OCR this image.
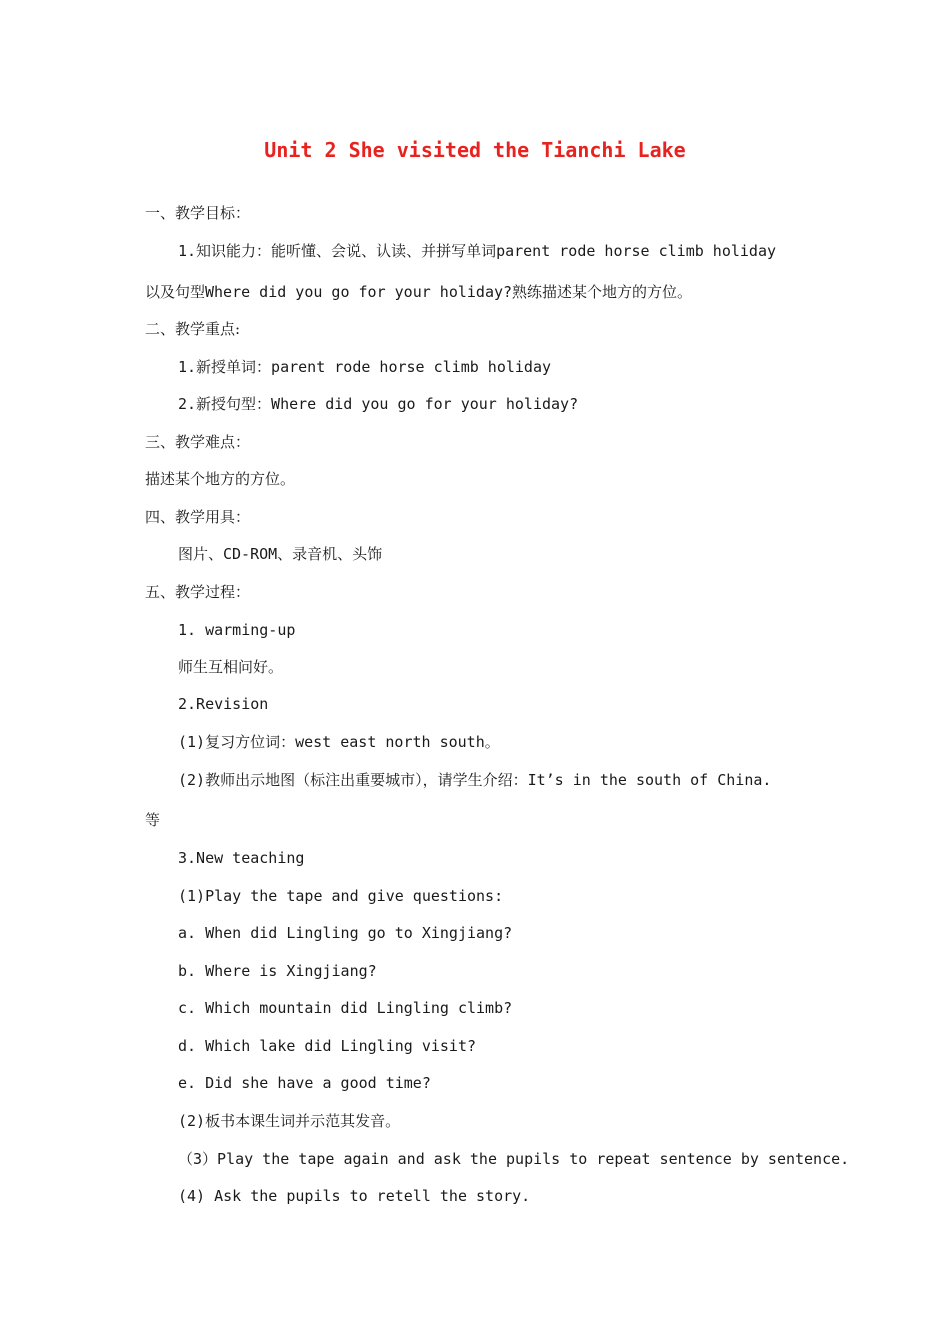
Unit 2 She visited the Tianchi Lake
一、教学目标：
1.知识能力：能听懂、会说、认读、并拼写单词parent rode horse climb holiday
以及句型Where did you go for your holiday?熟练描述某个地方的方位。
二、教学重点:
1.新授单词：parent rode horse climb holiday
2.新授句型：Where did you go for your holiday?
三、教学难点：
描述某个地方的方位。
四、教学用具：
图片、CD-ROM、录音机、头饰
五、教学过程：
1. warming-up
师生互相问好。
2.Revision
(1)复习方位词：west east north south。
(2)教师出示地图（标注出重要城市），请学生介绍：It’s in the south of China.
等
3.New teaching
(1)Play the tape and give questions:
a. When did Lingling go to Xingjiang?
b. Where is Xingjiang?
c. Which mountain did Lingling climb?
d. Which lake did Lingling visit?
e. Did she have a good time?
(2)板书本课生词并示范其发音。
（3）Play the tape again and ask the pupils to repeat sentence by sentence.
(4) Ask the pupils to retell the story.
